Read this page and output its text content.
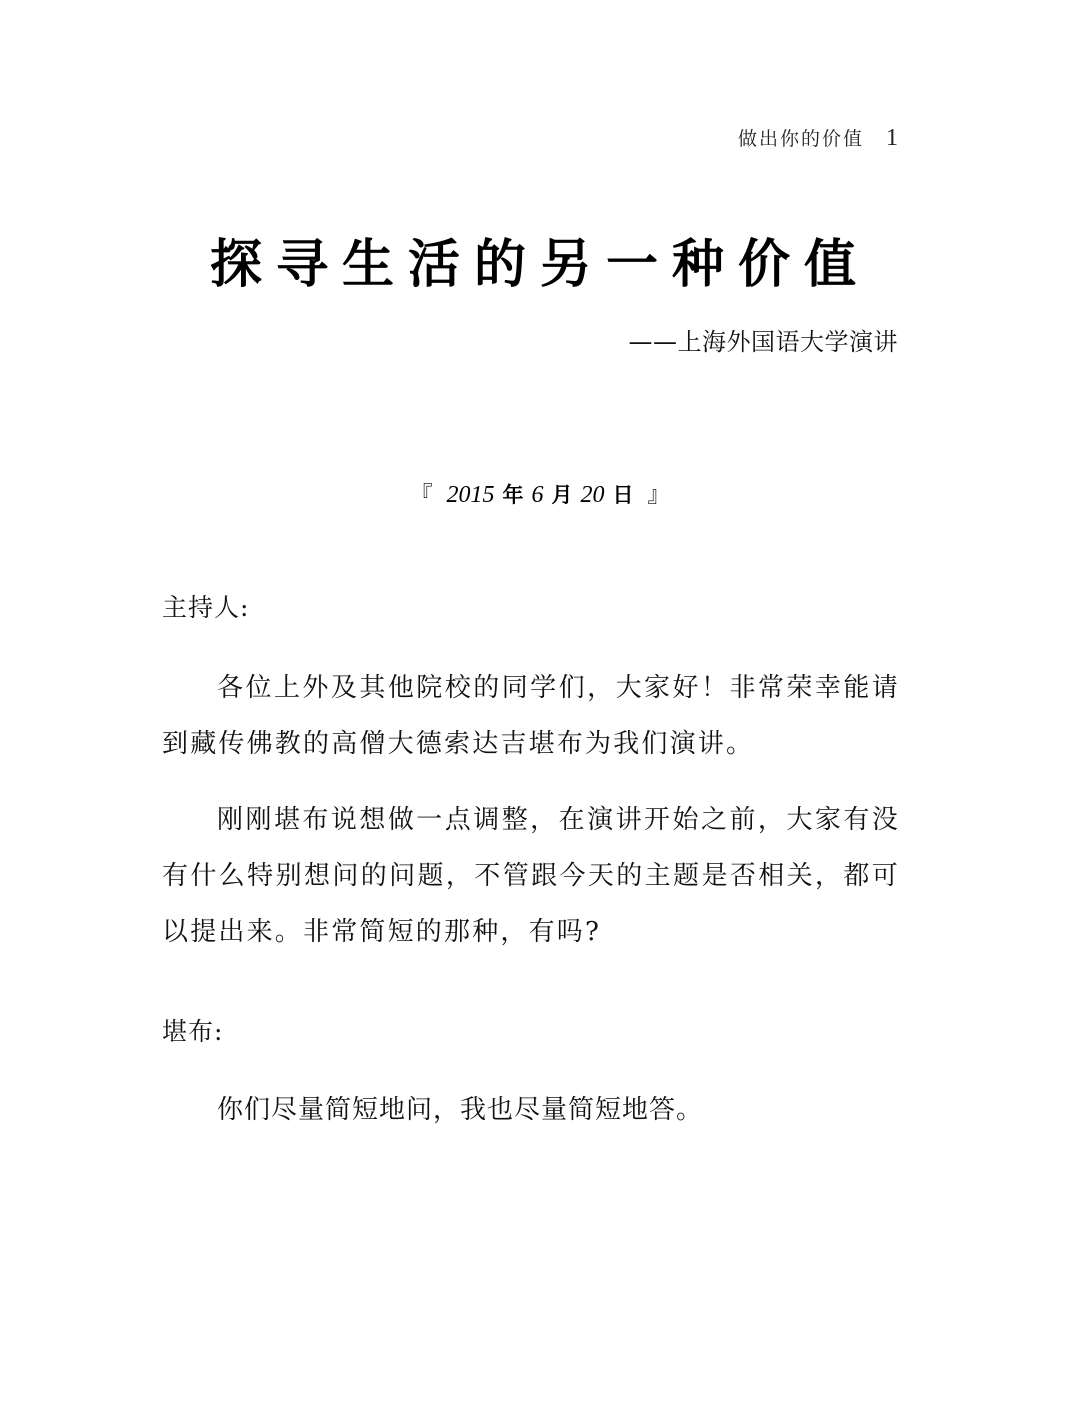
做出你的价值 1
探寻生活的另一种价值
——上海外国语大学演讲
『 2015 年 6 月 20 日 』
主持人:

各位上外及其他院校的同学们，大家好！非常荣幸能请到藏传佛教的高僧大德索达吉堪布为我们演讲。

刚刚堪布说想做一点调整，在演讲开始之前，大家有没有什么特别想问的问题，不管跟今天的主题是否相关，都可以提出来。非常简短的那种，有吗?

堪布:

你们尽量简短地问，我也尽量简短地答。
